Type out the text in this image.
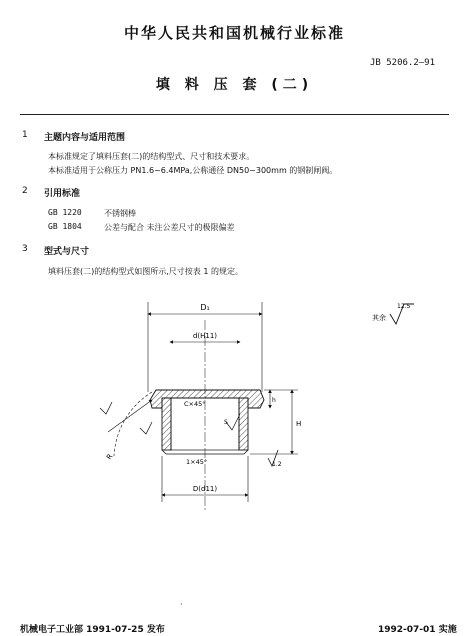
中华人民共和国机械行业标准
JB 5206.2—91
填 料 压 套 (二)
1 主题内容与适用范围
本标准规定了填料压套(二)的结构型式、尺寸和技术要求。
本标准适用于公称压力 PN1.6~6.4MPa,公称通径 DN50~300mm 的钢制闸阀。
2 引用标准
GB 1220	不锈钢棒
GB 1804	公差与配合 未注公差尺寸的极限偏差
3 型式与尺寸
填料压套(二)的结构型式如图所示,尺寸按表 1 的规定。
其余
12.5
D₁
d(H11)
C×45°
1×45°
D(d11)
H
h
1.2
S
R
·
机械电子工业部 1991-07-25 发布	1992-07-01 实施
